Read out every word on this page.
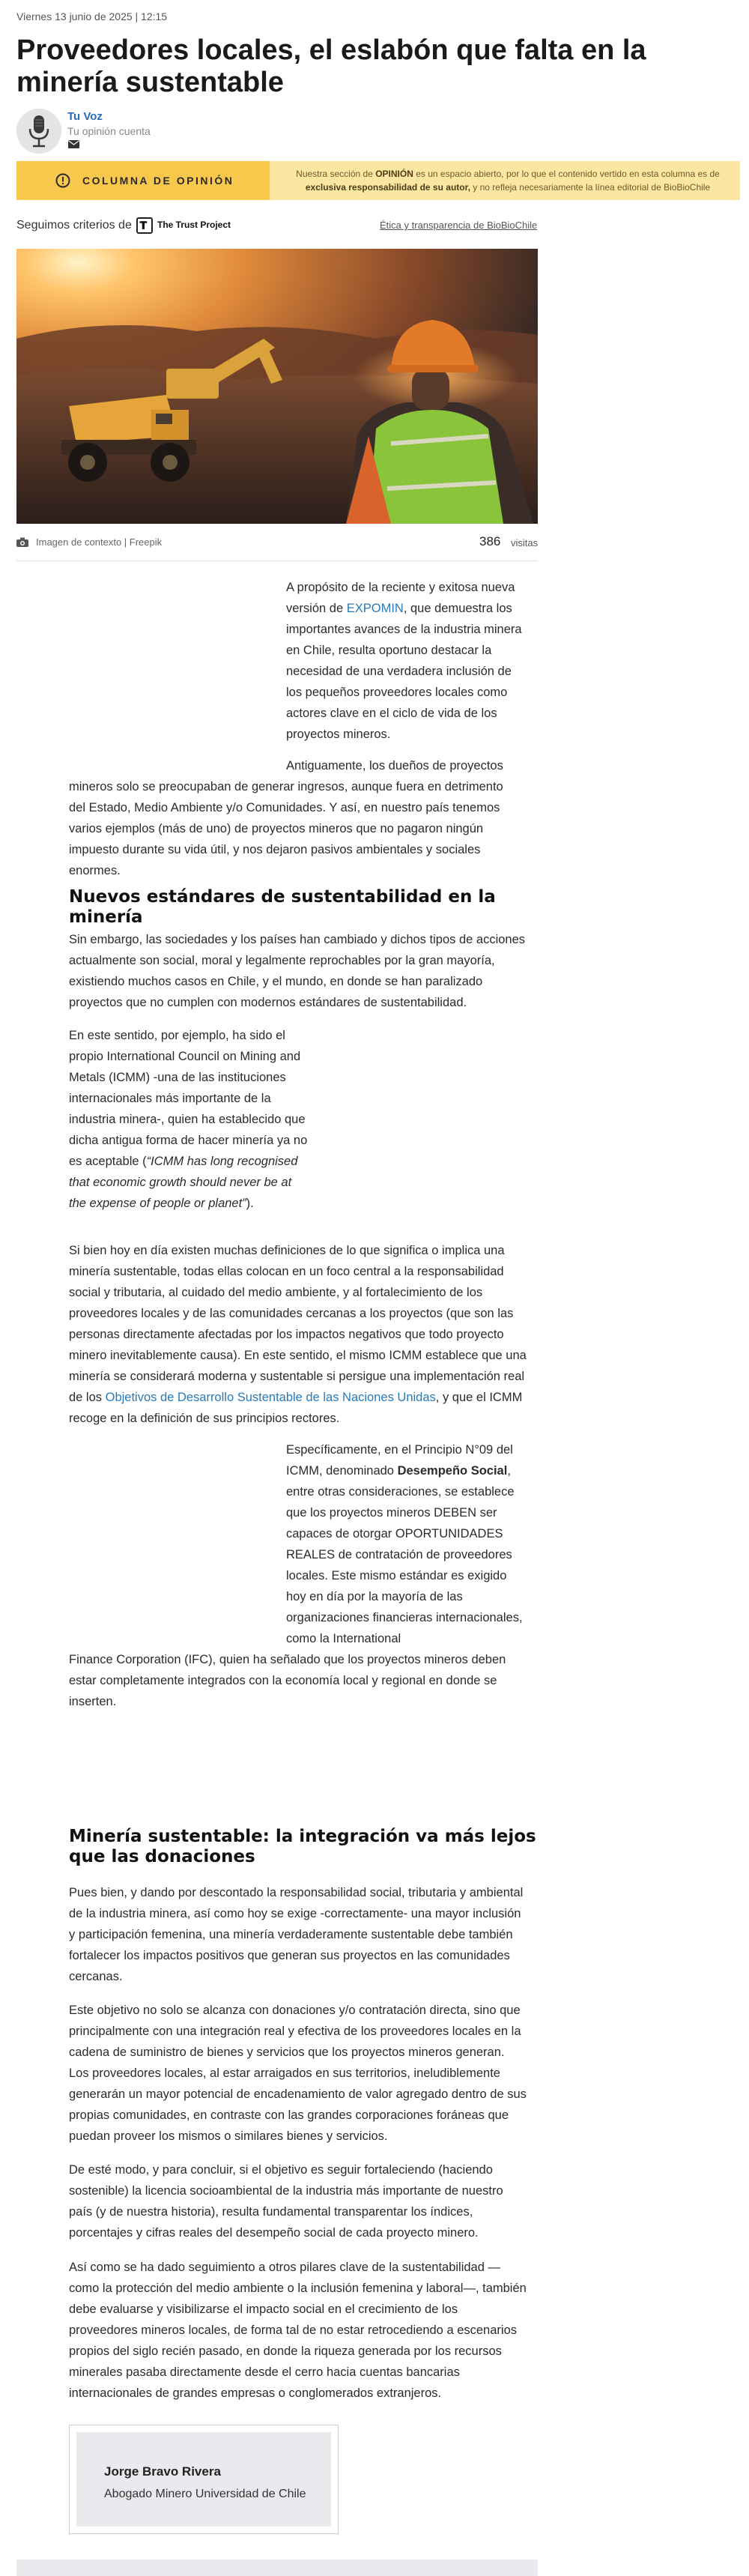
Viernes 13 junio de 2025 | 12:15
Proveedores locales, el eslabón que falta en la minería sustentable
Tu Voz
Tu opinión cuenta
COLUMNA DE OPINIÓN
Nuestra sección de OPINIÓN es un espacio abierto, por lo que el contenido vertido en esta columna es de exclusiva responsabilidad de su autor, y no refleja necesariamente la línea editorial de BioBioChile
Seguimos criterios de	The Trust Project	Ética y transparencia de BioBioChile
Imagen de contexto | Freepik	386 visitas
A propósito de la reciente y exitosa nueva versión de EXPOMIN, que demuestra los importantes avances de la industria minera en Chile, resulta oportuno destacar la necesidad de una verdadera inclusión de los pequeños proveedores locales como actores clave en el ciclo de vida de los proyectos mineros.
Antiguamente, los dueños de proyectos mineros solo se preocupaban de generar ingresos, aunque fuera en detrimento del Estado, Medio Ambiente y/o Comunidades. Y así, en nuestro país tenemos varios ejemplos (más de uno) de proyectos mineros que no pagaron ningún impuesto durante su vida útil, y nos dejaron pasivos ambientales y sociales enormes.
Nuevos estándares de sustentabilidad en la minería
Sin embargo, las sociedades y los países han cambiado y dichos tipos de acciones actualmente son social, moral y legalmente reprochables por la gran mayoría, existiendo muchos casos en Chile, y el mundo, en donde se han paralizado proyectos que no cumplen con modernos estándares de sustentabilidad.
En este sentido, por ejemplo, ha sido el propio International Council on Mining and Metals (ICMM) -una de las instituciones internacionales más importante de la industria minera-, quien ha establecido que dicha antigua forma de hacer minería ya no es aceptable (“ICMM has long recognised that economic growth should never be at the expense of people or planet”).
Si bien hoy en día existen muchas definiciones de lo que significa o implica una minería sustentable, todas ellas colocan en un foco central a la responsabilidad social y tributaria, al cuidado del medio ambiente, y al fortalecimiento de los proveedores locales y de las comunidades cercanas a los proyectos (que son las personas directamente afectadas por los impactos negativos que todo proyecto minero inevitablemente causa). En este sentido, el mismo ICMM establece que una minería se considerará moderna y sustentable si persigue una implementación real de los Objetivos de Desarrollo Sustentable de las Naciones Unidas, y que el ICMM recoge en la definición de sus principios rectores.
Específicamente, en el Principio N°09 del ICMM, denominado Desempeño Social, entre otras consideraciones, se establece que los proyectos mineros DEBEN ser capaces de otorgar OPORTUNIDADES REALES de contratación de proveedores locales. Este mismo estándar es exigido hoy en día por la mayoría de las organizaciones financieras internacionales, como la International
Finance Corporation (IFC), quien ha señalado que los proyectos mineros deben estar completamente integrados con la economía local y regional en donde se inserten.
Minería sustentable: la integración va más lejos que las donaciones
Pues bien, y dando por descontado la responsabilidad social, tributaria y ambiental de la industria minera, así como hoy se exige -correctamente- una mayor inclusión y participación femenina, una minería verdaderamente sustentable debe también fortalecer los impactos positivos que generan sus proyectos en las comunidades cercanas.
Este objetivo no solo se alcanza con donaciones y/o contratación directa, sino que principalmente con una integración real y efectiva de los proveedores locales en la cadena de suministro de bienes y servicios que los proyectos mineros generan. Los proveedores locales, al estar arraigados en sus territorios, ineludiblemente generarán un mayor potencial de encadenamiento de valor agregado dentro de sus propias comunidades, en contraste con las grandes corporaciones foráneas que puedan proveer los mismos o similares bienes y servicios.
De esté modo, y para concluir, si el objetivo es seguir fortaleciendo (haciendo sostenible) la licencia socioambiental de la industria más importante de nuestro país (y de nuestra historia), resulta fundamental transparentar los índices, porcentajes y cifras reales del desempeño social de cada proyecto minero.
Así como se ha dado seguimiento a otros pilares clave de la sustentabilidad —como la protección del medio ambiente o la inclusión femenina y laboral—, también debe evaluarse y visibilizarse el impacto social en el crecimiento de los proveedores mineros locales, de forma tal de no estar retrocediendo a escenarios propios del siglo recién pasado, en donde la riqueza generada por los recursos minerales pasaba directamente desde el cerro hacia cuentas bancarias internacionales de grandes empresas o conglomerados extranjeros.
Jorge Bravo Rivera
Abogado Minero Universidad de Chile
